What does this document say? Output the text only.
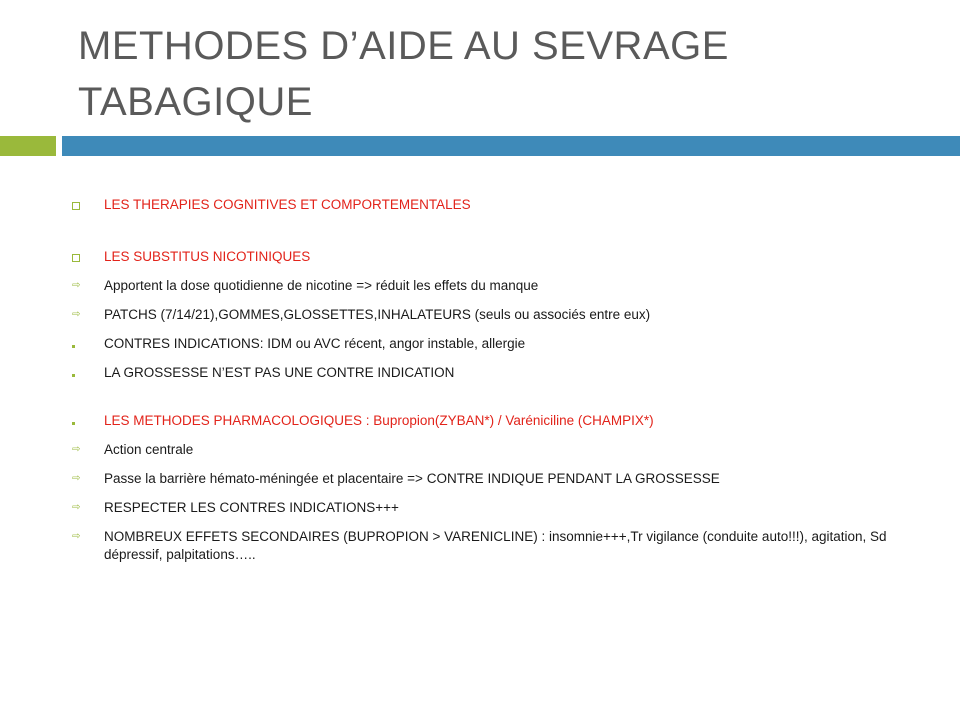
METHODES D’AIDE AU SEVRAGE
TABAGIQUE
LES THERAPIES COGNITIVES ET COMPORTEMENTALES
LES SUBSTITUS NICOTINIQUES
⇨	Apportent la dose quotidienne de nicotine => réduit les effets du manque
⇨	PATCHS (7/14/21),GOMMES,GLOSSETTES,INHALATEURS (seuls ou associés entre eux)
CONTRES INDICATIONS: IDM ou AVC récent, angor instable, allergie
LA GROSSESSE N’EST PAS UNE CONTRE INDICATION
LES METHODES PHARMACOLOGIQUES : Bupropion(ZYBAN*) / Varéniciline (CHAMPIX*)
⇨	Action centrale
⇨	Passe la barrière hémato-méningée et placentaire => CONTRE INDIQUE PENDANT LA GROSSESSE
⇨	RESPECTER LES CONTRES INDICATIONS+++
⇨	NOMBREUX EFFETS SECONDAIRES (BUPROPION > VARENICLINE) : insomnie+++,Tr vigilance (conduite auto!!!), agitation, Sd dépressif, palpitations…..
